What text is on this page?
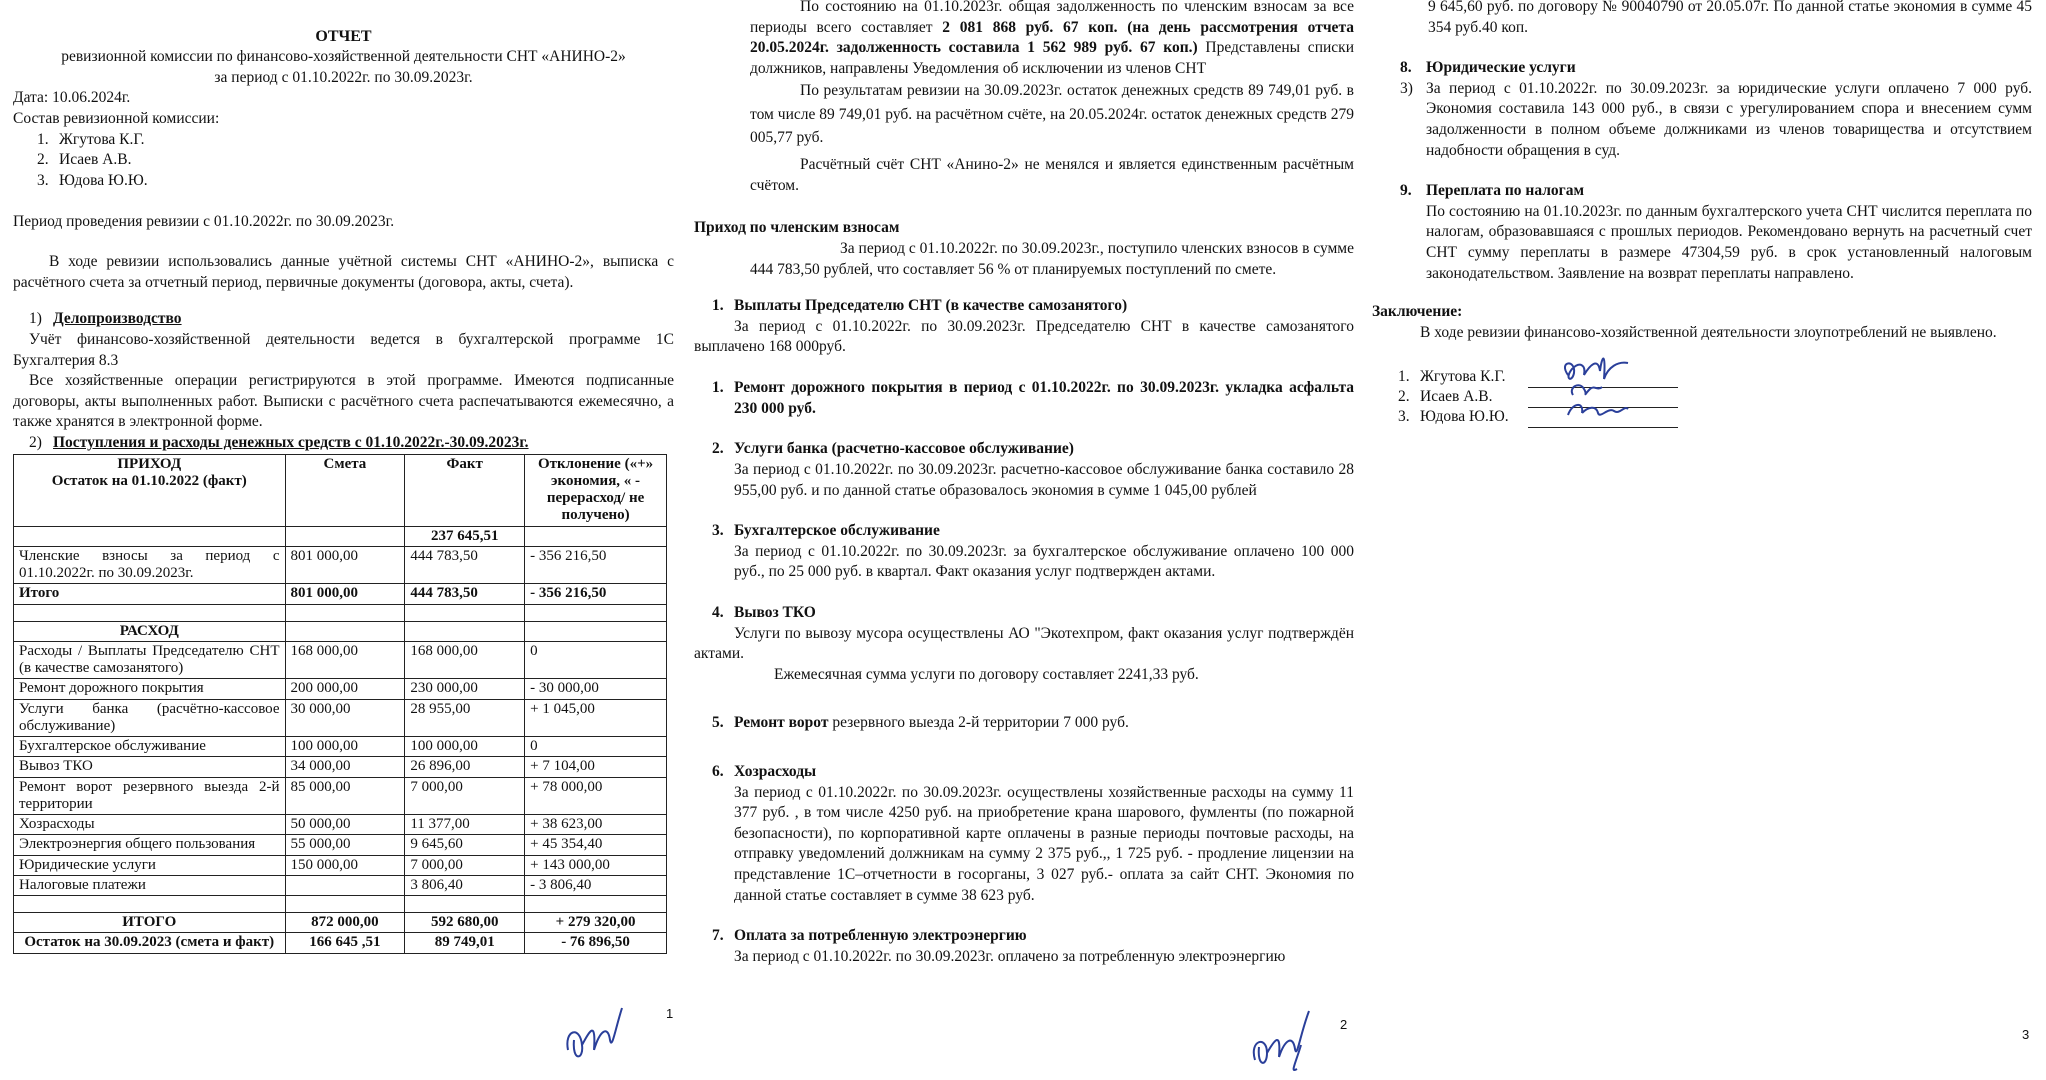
ОТЧЕТ
ревизионной комиссии по финансово-хозяйственной деятельности СНТ «АНИНО-2»
за период с 01.10.2022г. по 30.09.2023г.
Дата: 10.06.2024г.
Состав ревизионной комиссии:
1. Жгутова К.Г.
2. Исаев А.В.
3. Юдова Ю.Ю.
Период проведения ревизии с 01.10.2022г. по 30.09.2023г.

В ходе ревизии использовались данные учётной системы СНТ «АНИНО-2», выписка с расчётного счета за отчетный период, первичные документы (договора, акты, счета).

1) Делопроизводство

Учёт финансово-хозяйственной деятельности ведется в бухгалтерской программе 1С Бухгалтерия 8.3

Все хозяйственные операции регистрируются в этой программе. Имеются подписанные договоры, акты выполненных работ. Выписки с расчётного счета распечатываются ежемесячно, а также хранятся в электронной форме.

2) Поступления и расходы денежных средств с 01.10.2022г.-30.09.2023г.
ПРИХОД
Остаток на 01.10.2022 (факт)	Смета	Факт	Отклонение («+» экономия, « - перерасход/ не получено)
		237 645,51	
Членские взносы за период с 01.10.2022г. по 30.09.2023г.	801 000,00	444 783,50	- 356 216,50
Итого	801 000,00	444 783,50	- 356 216,50

РАСХОД			
Расходы / Выплаты Председателю СНТ (в качестве самозанятого)	168 000,00	168 000,00	0
Ремонт дорожного покрытия	200 000,00	230 000,00	- 30 000,00
Услуги банка (расчётно-кассовое обслуживание)	30 000,00	28 955,00	+ 1 045,00
Бухгалтерское обслуживание	100 000,00	100 000,00	0
Вывоз ТКО	34 000,00	26 896,00	+ 7 104,00
Ремонт ворот резервного выезда 2-й территории	85 000,00	7 000,00	+ 78 000,00
Хозрасходы	50 000,00	11 377,00	+ 38 623,00
Электроэнергия общего пользования	55 000,00	9 645,60	+ 45 354,40
Юридические услуги	150 000,00	7 000,00	+ 143 000,00
Налоговые платежи		3 806,40	- 3 806,40

ИТОГО	872 000,00	592 680,00	+ 279 320,00
Остаток на 30.09.2023 (смета и факт)	166 645 ,51	89 749,01	- 76 896,50
1

По состоянию на 01.10.2023г. общая задолженность по членским взносам за все периоды всего составляет 2 081 868 руб. 67 коп. (на день рассмотрения отчета 20.05.2024г. задолженность составила 1 562 989 руб. 67 коп.) Представлены списки должников, направлены Уведомления об исключении из членов СНТ

По результатам ревизии на 30.09.2023г. остаток денежных средств 89 749,01 руб. в том числе 89 749,01 руб. на расчётном счёте, на 20.05.2024г. остаток денежных средств 279 005,77 руб.

Расчётный счёт СНТ «Анино-2» не менялся и является единственным расчётным счётом.

Приход по членским взносам

За период с 01.10.2022г. по 30.09.2023г., поступило членских взносов в сумме 444 783,50 рублей, что составляет 56 % от планируемых поступлений по смете.

1. Выплаты Председателю СНТ (в качестве самозанятого)

За период с 01.10.2022г. по 30.09.2023г. Председателю СНТ в качестве самозанятого выплачено 168 000руб.

1. Ремонт дорожного покрытия в период с 01.10.2022г. по 30.09.2023г. укладка асфальта 230 000 руб.
2. Услуги банка (расчетно-кассовое обслуживание)

За период с 01.10.2022г. по 30.09.2023г. расчетно-кассовое обслуживание банка составило 28 955,00 руб. и по данной статье образовалось экономия в сумме 1 045,00 рублей

3. Бухгалтерское обслуживание

За период с 01.10.2022г. по 30.09.2023г. за бухгалтерское обслуживание оплачено 100 000 руб., по 25 000 руб. в квартал. Факт оказания услуг подтвержден актами.

4. Вывоз ТКО

Услуги по вывозу мусора осуществлены АО "Экотехпром, факт оказания услуг подтверждён актами.

Ежемесячная сумма услуги по договору составляет 2241,33 руб.

5. Ремонт ворот резервного выезда 2-й территории 7 000 руб.
6. Хозрасходы

За период с 01.10.2022г. по 30.09.2023г. осуществлены хозяйственные расходы на сумму 11 377 руб. , в том числе 4250 руб. на приобретение крана шарового, фумленты (по пожарной безопасности), по корпоративной карте оплачены в разные периоды почтовые расходы, на отправку уведомлений должникам на сумму 2 375 руб.,, 1 725 руб. - продление лицензии на представление 1С–отчетности в госорганы, 3 027 руб.- оплата за сайт СНТ. Экономия по данной статье составляет в сумме 38 623 руб.

7. Оплата за потребленную электроэнергию

За период с 01.10.2022г. по 30.09.2023г. оплачено за потребленную электроэнергию

2

9 645,60 руб. по договору № 90040790 от 20.05.07г. По данной статье экономия в сумме 45 354 руб.40 коп.

8. Юридические услуги
3) За период с 01.10.2022г. по 30.09.2023г. за юридические услуги оплачено 7 000 руб. Экономия составила 143 000 руб., в связи с урегулированием спора и внесением сумм задолженности в полном объеме должниками из членов товарищества и отсутствием надобности обращения в суд.

9. Переплата по налогам

По состоянию на 01.10.2023г. по данным бухгалтерского учета СНТ числится переплата по налогам, образовавшаяся с прошлых периодов. Рекомендовано вернуть на расчетный счет СНТ сумму переплаты в размере 47304,59 руб. в срок установленный налоговым законодательством. Заявление на возврат переплаты направлено.

Заключение:

В ходе ревизии финансово-хозяйственной деятельности злоупотреблений не выявлено.

1. Жгутова К.Г.
2. Исаев А.В.
3. Юдова Ю.Ю.
3
